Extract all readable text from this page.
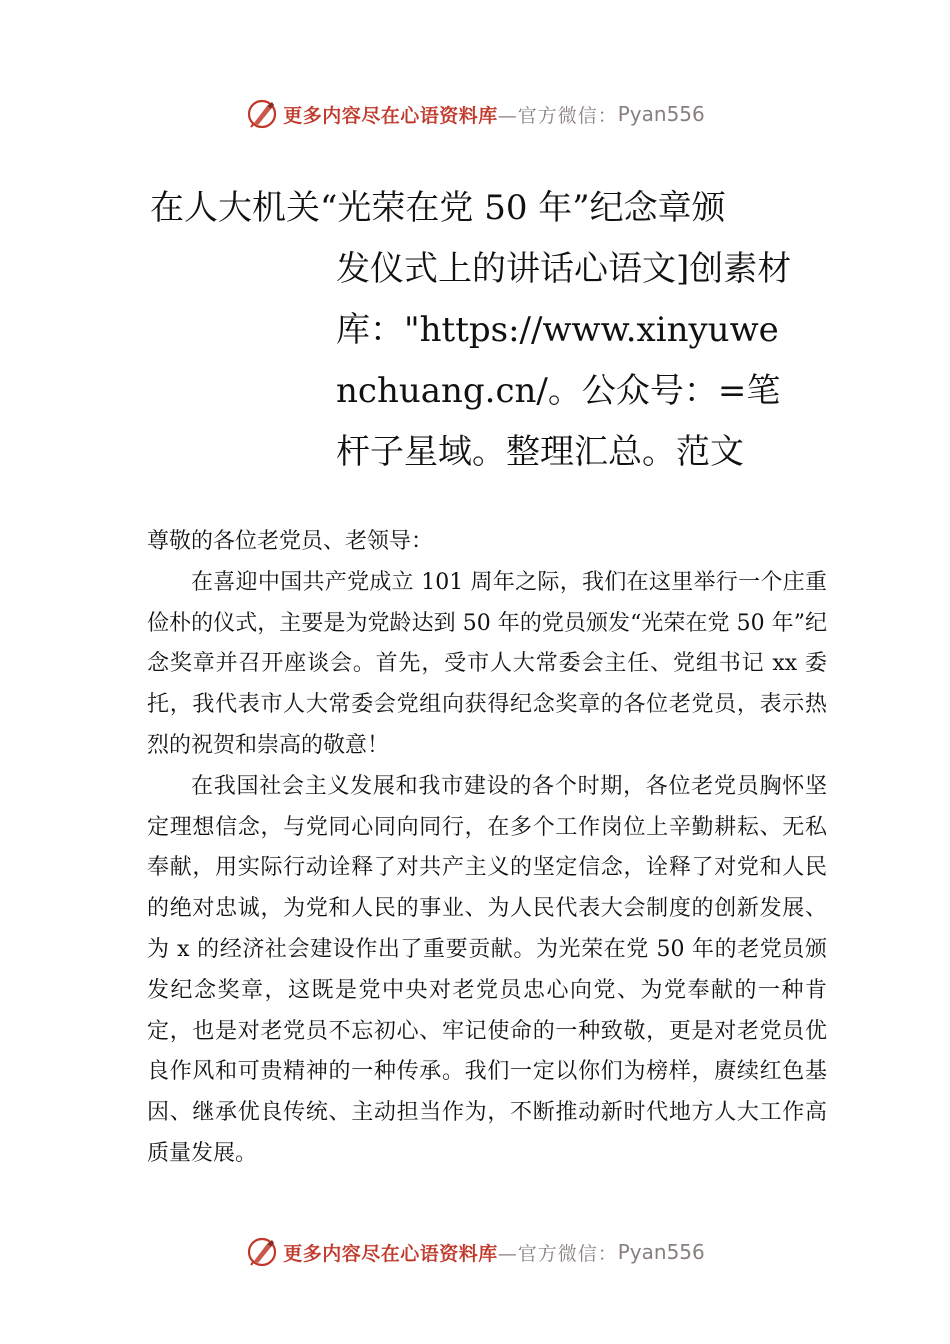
更多内容尽在心语资料库 —官方微信： Pyan556
在人大机关“光荣在党 50 年”纪念章颁
发仪式上的讲话心语文]创素材库："https://www.xinyuwenchuang.cn/。公众号：=笔杆子星域。整理汇总。范文

尊敬的各位老党员、老领导：

在喜迎中国共产党成立 101 周年之际，我们在这里举行一个庄重俭朴的仪式，主要是为党龄达到 50 年的党员颁发“光荣在党 50 年”纪念奖章并召开座谈会。首先，受市人大常委会主任、党组书记 xx 委托，我代表市人大常委会党组向获得纪念奖章的各位老党员，表示热烈的祝贺和崇高的敬意！

在我国社会主义发展和我市建设的各个时期，各位老党员胸怀坚定理想信念，与党同心同向同行，在多个工作岗位上辛勤耕耘、无私奉献，用实际行动诠释了对共产主义的坚定信念，诠释了对党和人民的绝对忠诚，为党和人民的事业、为人民代表大会制度的创新发展、为 x 的经济社会建设作出了重要贡献。为光荣在党 50 年的老党员颁发纪念奖章，这既是党中央对老党员忠心向党、为党奉献的一种肯定，也是对老党员不忘初心、牢记使命的一种致敬，更是对老党员优良作风和可贵精神的一种传承。我们一定以你们为榜样，赓续红色基因、继承优良传统、主动担当作为，不断推动新时代地方人大工作高质量发展。

更多内容尽在心语资料库 —官方微信： Pyan556
